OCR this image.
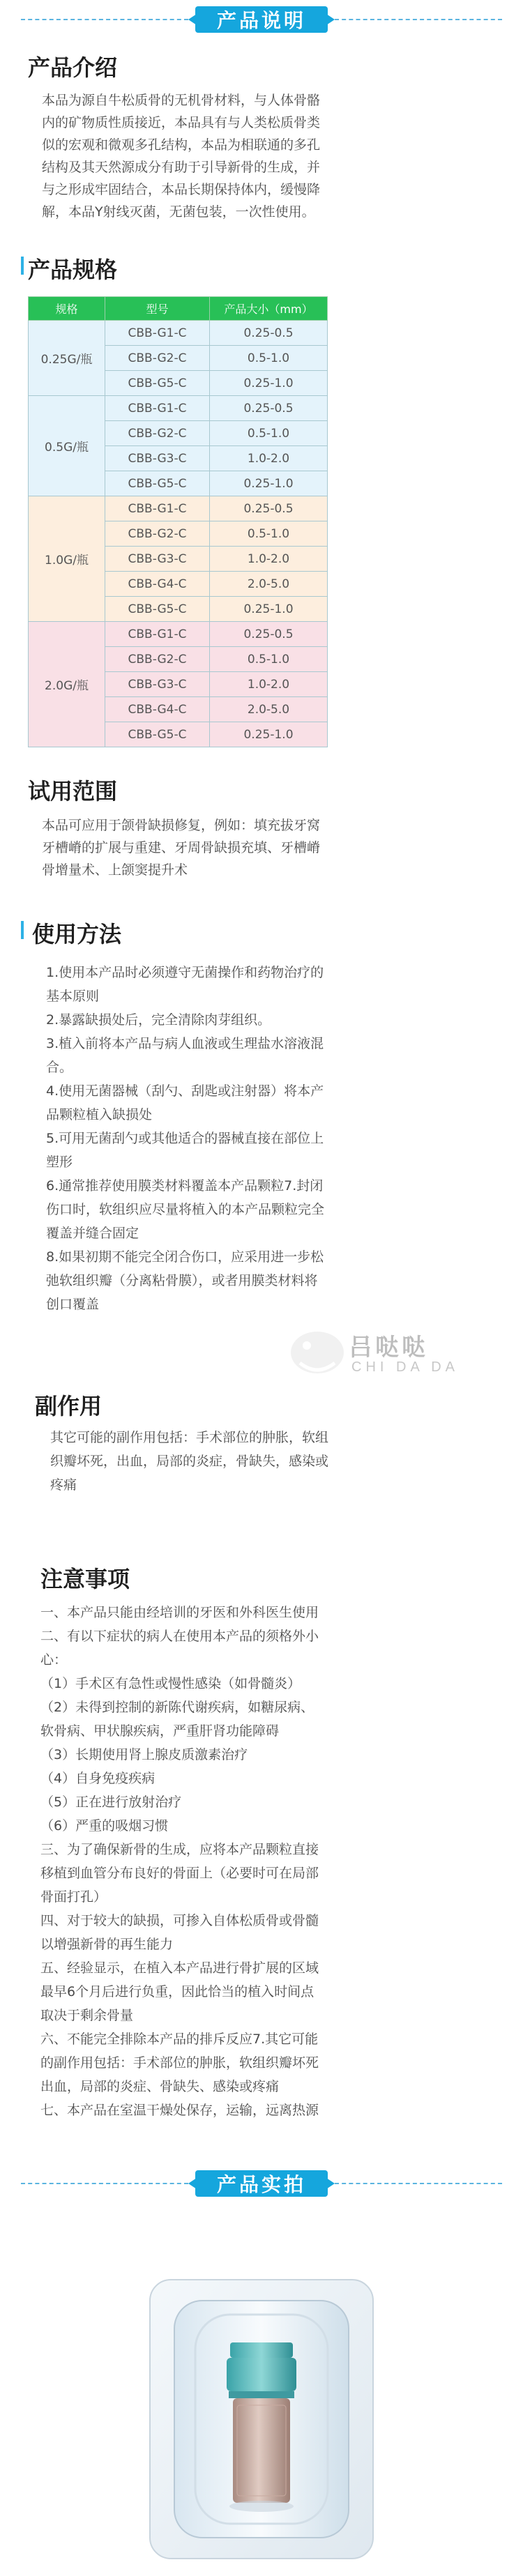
产品说明
产品介绍

本品为源自牛松质骨的无机骨材料，与人体骨骼

内的矿物质性质接近，本品具有与人类松质骨类

似的宏观和微观多孔结构，本品为相联通的多孔

结构及其天然源成分有助于引导新骨的生成，并

与之形成牢固结合，本品长期保持体内，缓慢降

解，本品Y射线灭菌，无菌包装，一次性使用。

产品规格
规格	型号	产品大小（mm）
0.25G/瓶	CBB-G1-C	0.25-0.5
	CBB-G2-C	0.5-1.0
	CBB-G5-C	0.25-1.0
0.5G/瓶	CBB-G1-C	0.25-0.5
	CBB-G2-C	0.5-1.0
	CBB-G3-C	1.0-2.0
	CBB-G5-C	0.25-1.0
1.0G/瓶	CBB-G1-C	0.25-0.5
	CBB-G2-C	0.5-1.0
	CBB-G3-C	1.0-2.0
	CBB-G4-C	2.0-5.0
	CBB-G5-C	0.25-1.0
2.0G/瓶	CBB-G1-C	0.25-0.5
	CBB-G2-C	0.5-1.0
	CBB-G3-C	1.0-2.0
	CBB-G4-C	2.0-5.0
	CBB-G5-C	0.25-1.0
试用范围

本品可应用于颌骨缺损修复，例如：填充拔牙窝

牙槽嵴的扩展与重建、牙周骨缺损充填、牙槽嵴

骨增量术、上颌窦提升术

使用方法

1.使用本产品时必须遵守无菌操作和药物治疗的

基本原则

2.暴露缺损处后，完全清除肉芽组织。

3.植入前将本产品与病人血液或生理盐水溶液混

合。

4.使用无菌器械（刮勺、刮匙或注射器）将本产

品颗粒植入缺损处

5.可用无菌刮勺或其他适合的器械直接在部位上

塑形

6.通常推荐使用膜类材料覆盖本产品颗粒7.封闭

伤口时，软组织应尽量将植入的本产品颗粒完全

覆盖并缝合固定

8.如果初期不能完全闭合伤口，应采用进一步松

弛软组织瓣（分离粘骨膜），或者用膜类材料将

创口覆盖

吕哒哒
CHI DA DA
副作用

其它可能的副作用包括：手术部位的肿胀，软组

织瓣坏死，出血，局部的炎症，骨缺失，感染或

疼痛

注意事项

一、本产品只能由经培训的牙医和外科医生使用

二、有以下症状的病人在使用本产品的须格外小

心：

（1）手术区有急性或慢性感染（如骨髓炎）

（2）未得到控制的新陈代谢疾病，如糖尿病、

软骨病、甲状腺疾病，严重肝肾功能障碍

（3）长期使用肾上腺皮质激素治疗

（4）自身免疫疾病

（5）正在进行放射治疗

（6）严重的吸烟习惯

三、为了确保新骨的生成，应将本产品颗粒直接

移植到血管分布良好的骨面上（必要时可在局部

骨面打孔）

四、对于较大的缺损，可掺入自体松质骨或骨髓

以增强新骨的再生能力

五、经验显示，在植入本产品进行骨扩展的区域

最早6个月后进行负重，因此恰当的植入时间点

取决于剩余骨量

六、不能完全排除本产品的排斥反应7.其它可能

的副作用包括：手术部位的肿胀，软组织瓣坏死

出血，局部的炎症、骨缺失、感染或疼痛

七、本产品在室温干燥处保存，运输，远离热源

产品实拍
